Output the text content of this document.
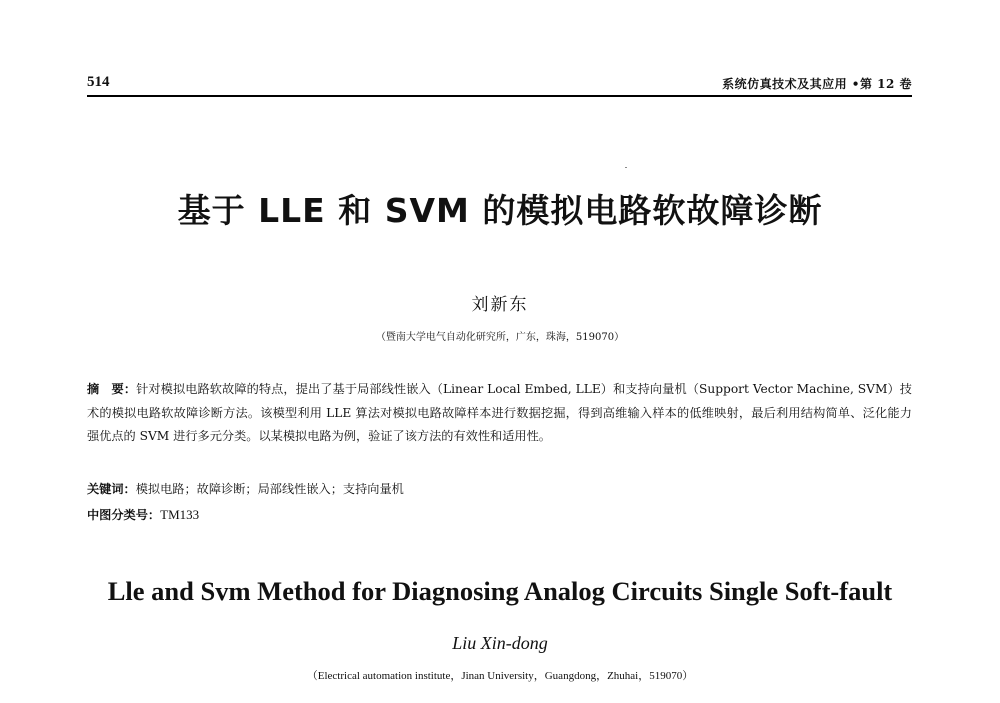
514	系统仿真技术及其应用 •第 12 卷
基于 LLE 和 SVM 的模拟电路软故障诊断
刘新东
（暨南大学电气自动化研究所，广东，珠海，519070）
摘　要：针对模拟电路软故障的特点，提出了基于局部线性嵌入（Linear Local Embed, LLE）和支持向量机（Support Vector Machine, SVM）技术的模拟电路软故障诊断方法。该模型利用 LLE 算法对模拟电路故障样本进行数据挖掘，得到高维输入样本的低维映射，最后利用结构简单、泛化能力强优点的 SVM 进行多元分类。以某模拟电路为例，验证了该方法的有效性和适用性。
关键词：模拟电路；故障诊断；局部线性嵌入；支持向量机
中图分类号：TM133
Lle and Svm Method for Diagnosing Analog Circuits Single Soft-fault
Liu Xin-dong
（Electrical automation institute，Jinan University，Guangdong，Zhuhai，519070）
